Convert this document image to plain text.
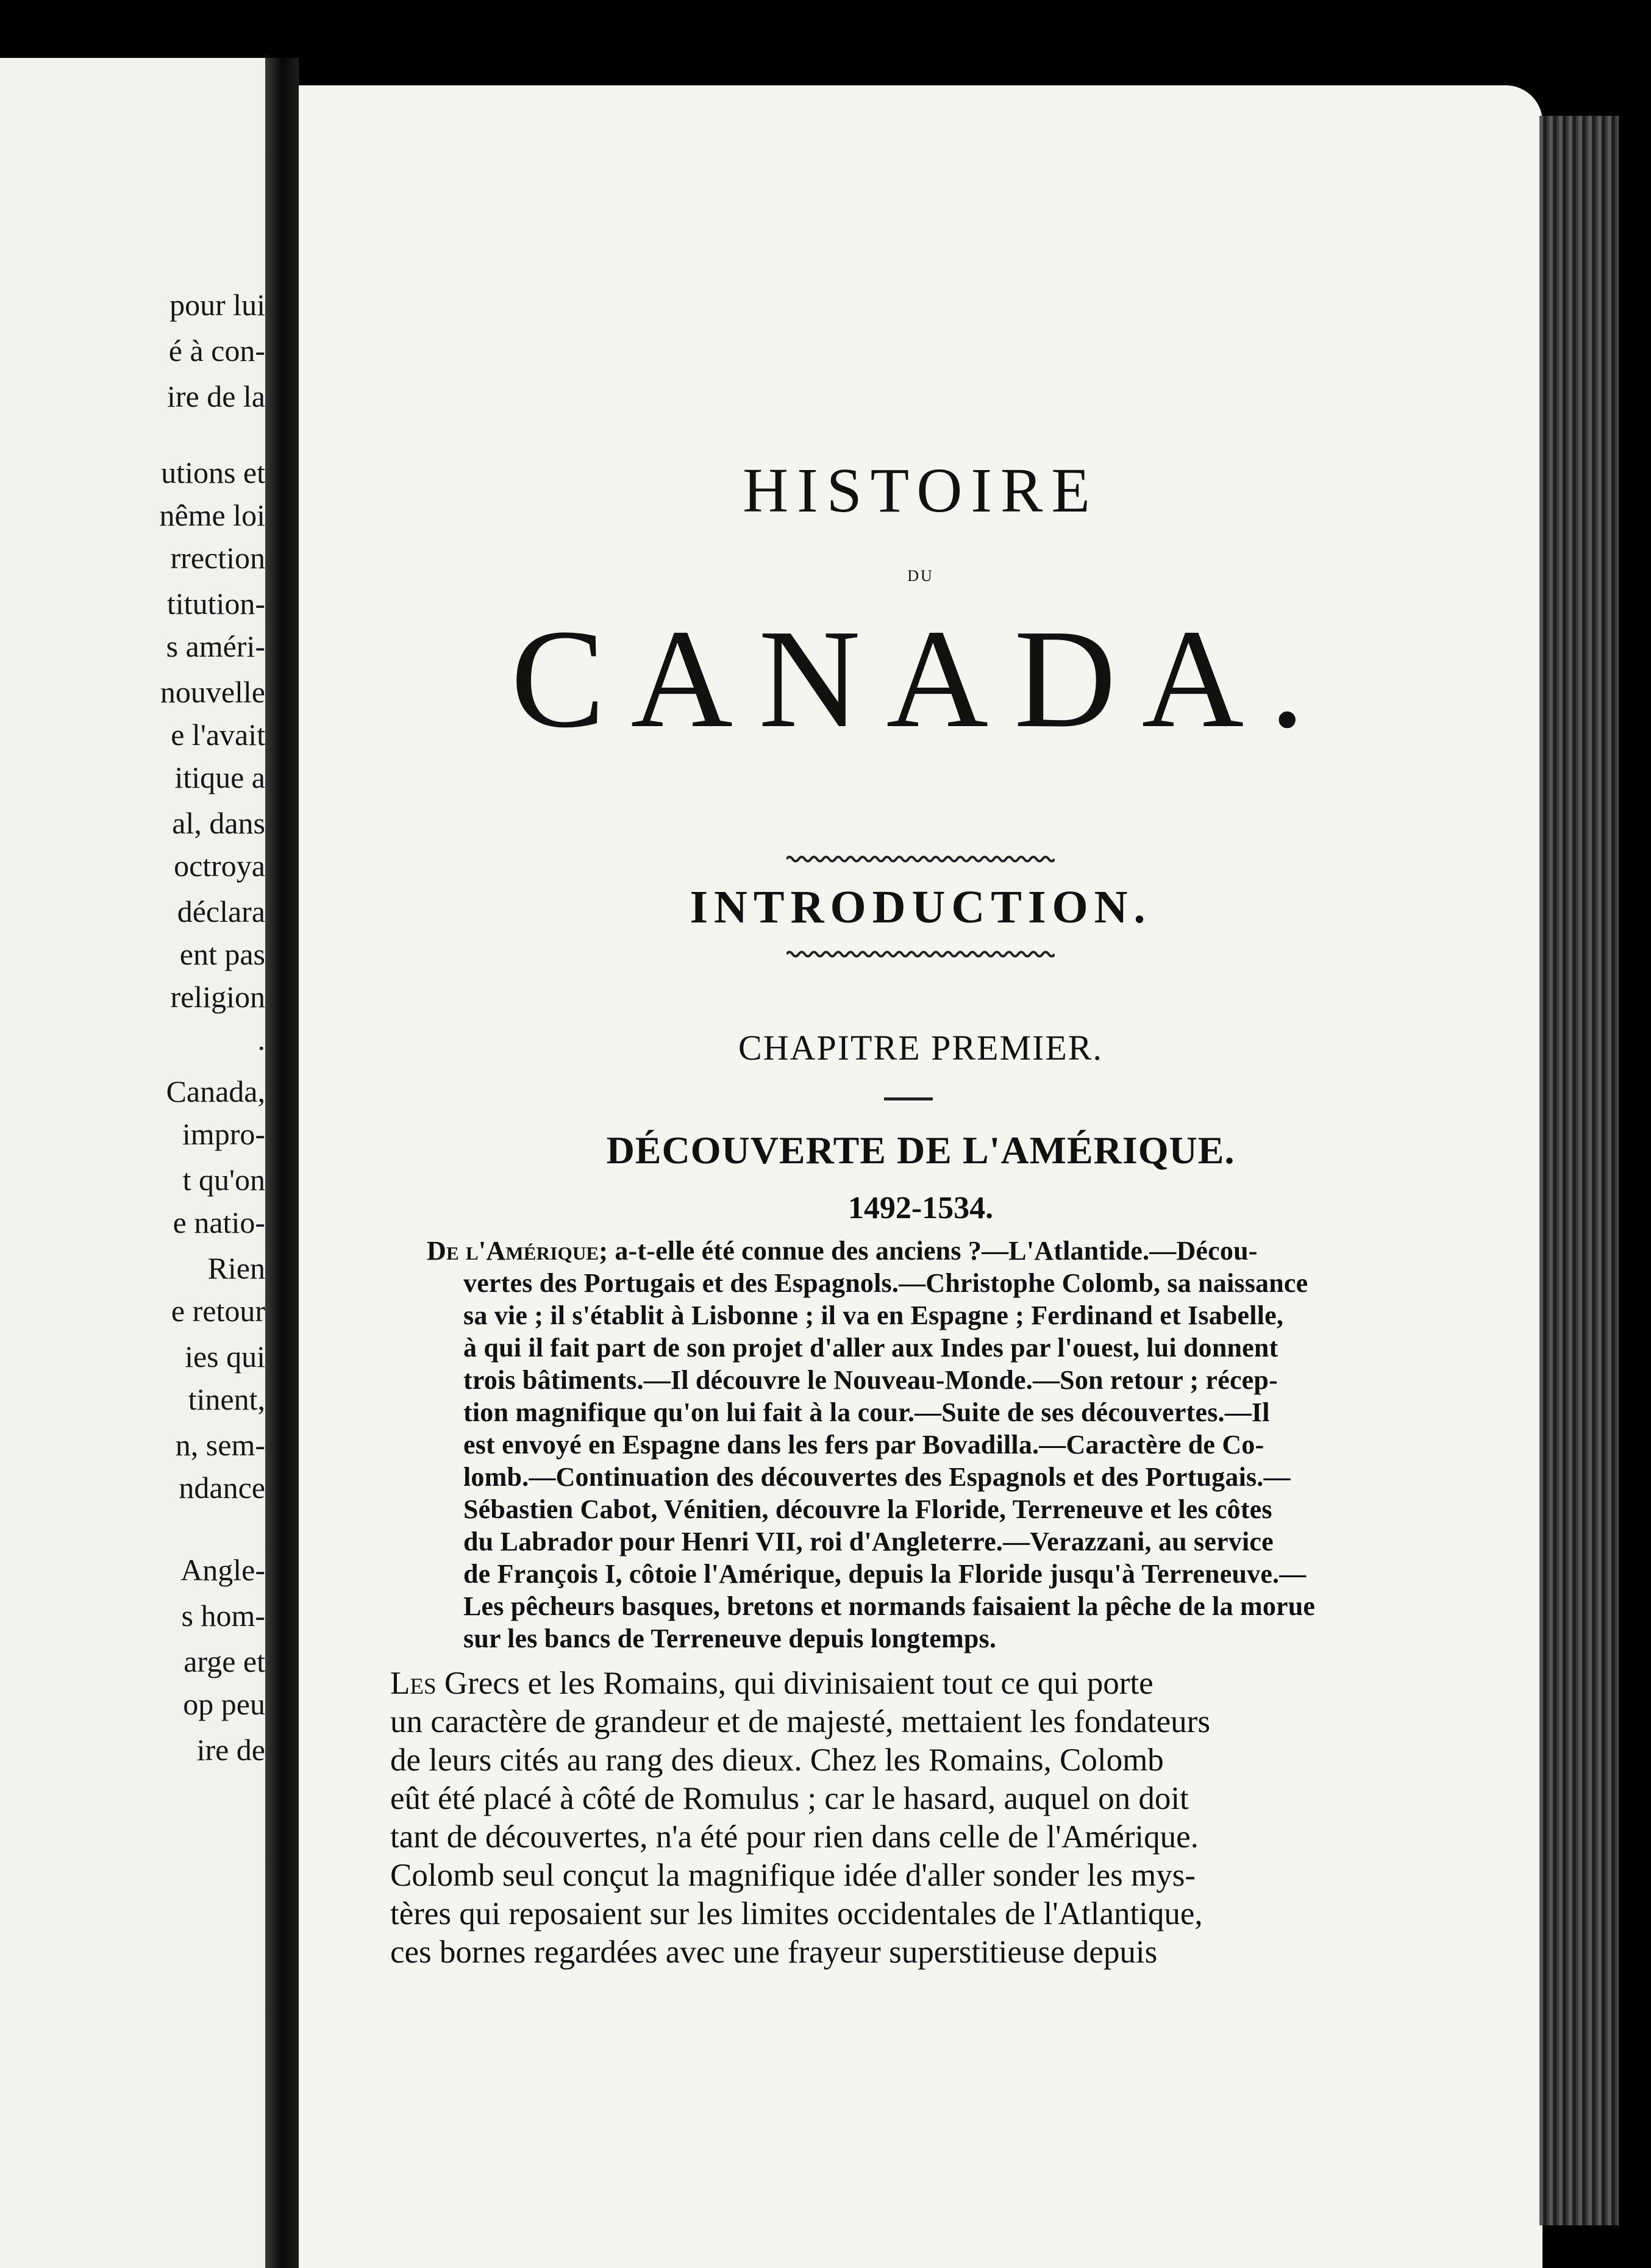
pour lui
é à con-
ire de la
utions et
nême loi
rrection
titution-
s améri-
nouvelle
e l'avait
itique a
al, dans
octroya
déclara
ent pas
religion
.
Canada,
impro-
t qu'on
e natio-
Rien
e retour
ies qui
tinent,
n, sem-
ndance
Angle-
s hom-
arge et
op peu
ire de
HISTOIRE
DU
CANADA.
INTRODUCTION.
CHAPITRE PREMIER.
DÉCOUVERTE DE L'AMÉRIQUE.
1492-1534.
De l'Amérique; a-t-elle été connue des anciens ?—L'Atlantide.—Décou-
vertes des Portugais et des Espagnols.—Christophe Colomb, sa naissance
sa vie ; il s'établit à Lisbonne ; il va en Espagne ; Ferdinand et Isabelle,
à qui il fait part de son projet d'aller aux Indes par l'ouest, lui donnent
trois bâtiments.—Il découvre le Nouveau-Monde.—Son retour ; récep-
tion magnifique qu'on lui fait à la cour.—Suite de ses découvertes.—Il
est envoyé en Espagne dans les fers par Bovadilla.—Caractère de Co-
lomb.—Continuation des découvertes des Espagnols et des Portugais.—
Sébastien Cabot, Vénitien, découvre la Floride, Terreneuve et les côtes
du Labrador pour Henri VII, roi d'Angleterre.—Verazzani, au service
de François I, côtoie l'Amérique, depuis la Floride jusqu'à Terreneuve.—
Les pêcheurs basques, bretons et normands faisaient la pêche de la morue
sur les bancs de Terreneuve depuis longtemps.
Les Grecs et les Romains, qui divinisaient tout ce qui porte
un caractère de grandeur et de majesté, mettaient les fondateurs
de leurs cités au rang des dieux. Chez les Romains, Colomb
eût été placé à côté de Romulus ; car le hasard, auquel on doit
tant de découvertes, n'a été pour rien dans celle de l'Amérique.
Colomb seul conçut la magnifique idée d'aller sonder les mys-
tères qui reposaient sur les limites occidentales de l'Atlantique,
ces bornes regardées avec une frayeur superstitieuse depuis
